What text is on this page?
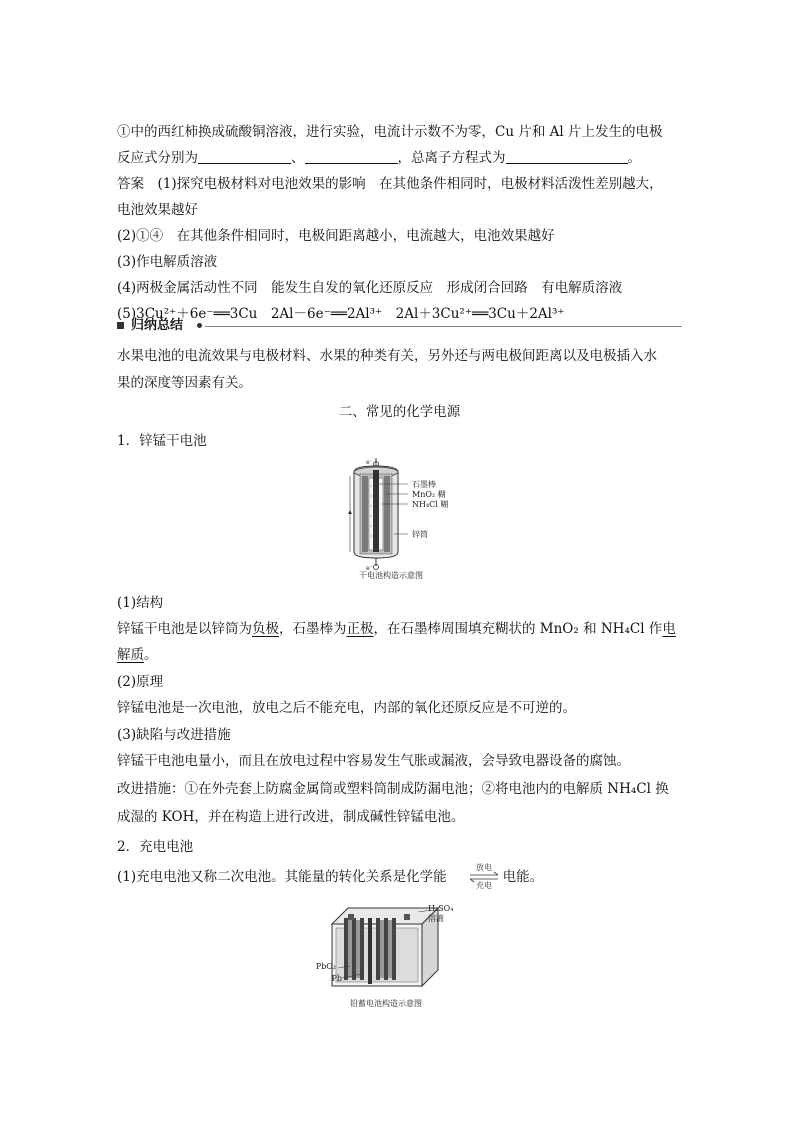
①中的西红柿换成硫酸铜溶液，进行实验，电流计示数不为零，Cu 片和 Al 片上发生的电极
反应式分别为	、	，总离子方程式为	。
答案　(1)探究电极材料对电池效果的影响　在其他条件相同时，电极材料活泼性差别越大，
电池效果越好
(2)①④　在其他条件相同时，电极间距离越小，电流越大，电池效果越好
(3)作电解质溶液
(4)两极金属活动性不同　能发生自发的氧化还原反应　形成闭合回路　有电解质溶液
(5)3Cu²⁺＋6e⁻══3Cu　2Al－6e⁻══2Al³⁺　2Al＋3Cu²⁺══3Cu＋2Al³⁺
归纳总结
水果电池的电流效果与电极材料、水果的种类有关，另外还与两电极间距离以及电极插入水
果的深度等因素有关。
二、常见的化学电源
1．锌锰干电池
e⁻
e⁻
石墨棒
MnO₂ 糊
NH₄Cl 糊
锌筒
干电池构造示意图
(1)结构
锌锰干电池是以锌筒为负极，石墨棒为正极，在石墨棒周围填充糊状的 MnO₂ 和 NH₄Cl 作电
解质。
(2)原理
锌锰电池是一次电池，放电之后不能充电，内部的氧化还原反应是不可逆的。
(3)缺陷与改进措施
锌锰干电池电量小，而且在放电过程中容易发生气胀或漏液，会导致电器设备的腐蚀。
改进措施：①在外壳套上防腐金属筒或塑料筒制成防漏电池；②将电池内的电解质 NH₄Cl 换
成湿的 KOH，并在构造上进行改进，制成碱性锌锰电池。
2．充电电池
(1)充电电池又称二次电池。其能量的转化关系是化学能	电能。
放电
充电
H₂SO₄
溶液
PbO₂
Pb
铅蓄电池构造示意图
